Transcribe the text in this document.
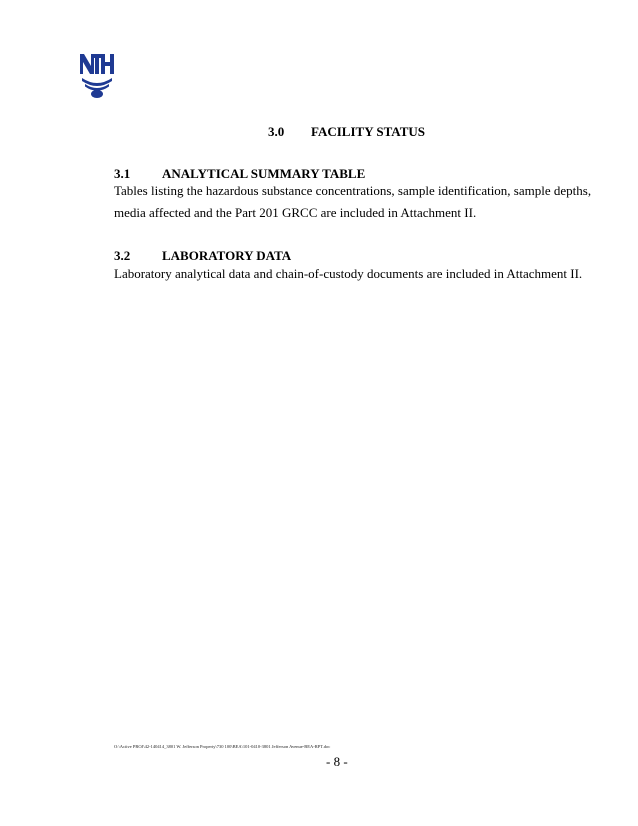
3.0 FACILITY STATUS
3.1 ANALYTICAL SUMMARY TABLE
Tables listing the hazardous substance concentrations, sample identification, sample depths,
media affected and the Part 201 GRCC are included in Attachment II.
3.2 LABORATORY DATA
Laboratory analytical data and chain-of-custody documents are included in Attachment II.
O:\Active PROJ\42-140414_3801 W. Jefferson Property\730 100\BEA\101-0410-3801 Jefferson Avenue-BEA-RPT.doc
- 8 -
